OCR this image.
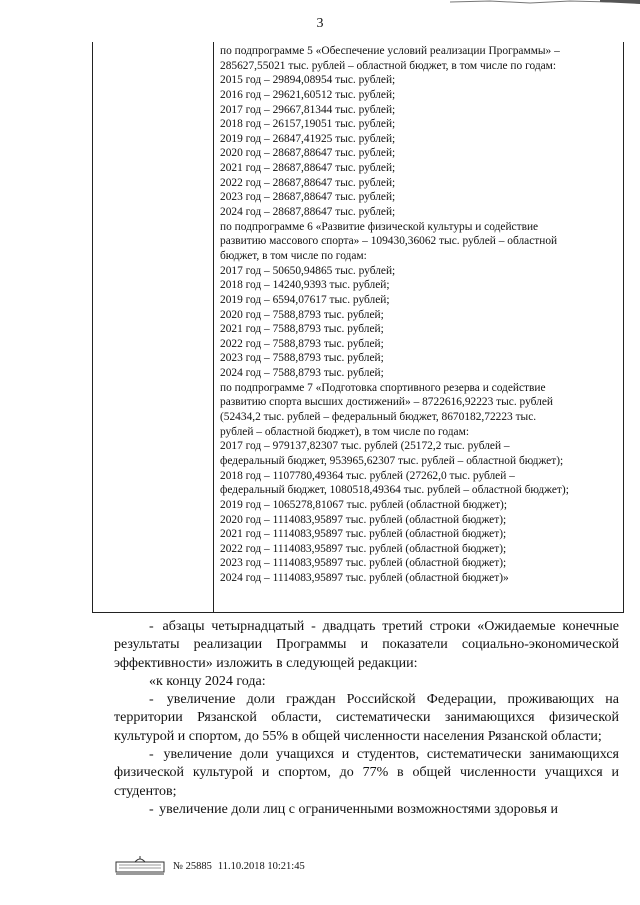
3
по подпрограмме 5 «Обеспечение условий реализации Программы» –
285627,55021 тыс. рублей – областной бюджет, в том числе по годам:
2015 год – 29894,08954 тыс. рублей;
2016 год – 29621,60512 тыс. рублей;
2017 год – 29667,81344 тыс. рублей;
2018 год – 26157,19051 тыс. рублей;
2019 год – 26847,41925 тыс. рублей;
2020 год – 28687,88647 тыс. рублей;
2021 год – 28687,88647 тыс. рублей;
2022 год – 28687,88647 тыс. рублей;
2023 год – 28687,88647 тыс. рублей;
2024 год – 28687,88647 тыс. рублей;
по подпрограмме 6 «Развитие физической культуры и содействие
развитию массового спорта» – 109430,36062 тыс. рублей – областной
бюджет, в том числе по годам:
2017 год – 50650,94865 тыс. рублей;
2018 год – 14240,9393 тыс. рублей;
2019 год – 6594,07617 тыс. рублей;
2020 год – 7588,8793 тыс. рублей;
2021 год – 7588,8793 тыс. рублей;
2022 год – 7588,8793 тыс. рублей;
2023 год – 7588,8793 тыс. рублей;
2024 год – 7588,8793 тыс. рублей;
по подпрограмме 7 «Подготовка спортивного резерва и содействие
развитию спорта высших достижений» – 8722616,92223 тыс. рублей
(52434,2 тыс. рублей – федеральный бюджет, 8670182,72223 тыс.
рублей – областной бюджет), в том числе по годам:
2017 год – 979137,82307 тыс. рублей (25172,2 тыс. рублей –
федеральный бюджет, 953965,62307 тыс. рублей – областной бюджет);
2018 год – 1107780,49364 тыс. рублей (27262,0 тыс. рублей –
федеральный бюджет, 1080518,49364 тыс. рублей – областной бюджет);
2019 год – 1065278,81067 тыс. рублей (областной бюджет);
2020 год – 1114083,95897 тыс. рублей (областной бюджет);
2021 год – 1114083,95897 тыс. рублей (областной бюджет);
2022 год – 1114083,95897 тыс. рублей (областной бюджет);
2023 год – 1114083,95897 тыс. рублей (областной бюджет);
2024 год – 1114083,95897 тыс. рублей (областной бюджет)»
- абзацы четырнадцатый - двадцать третий строки «Ожидаемые конечные результаты реализации Программы и показатели социально-экономической эффективности» изложить в следующей редакции:
«к концу 2024 года:
- увеличение доли граждан Российской Федерации, проживающих на территории Рязанской области, систематически занимающихся физической культурой и спортом, до 55% в общей численности населения Рязанской области;
- увеличение доли учащихся и студентов, систематически занимающихся физической культурой и спортом, до 77% в общей численности учащихся и студентов;
- увеличение доли лиц с ограниченными возможностями здоровья и
№ 25885 11.10.2018 10:21:45
